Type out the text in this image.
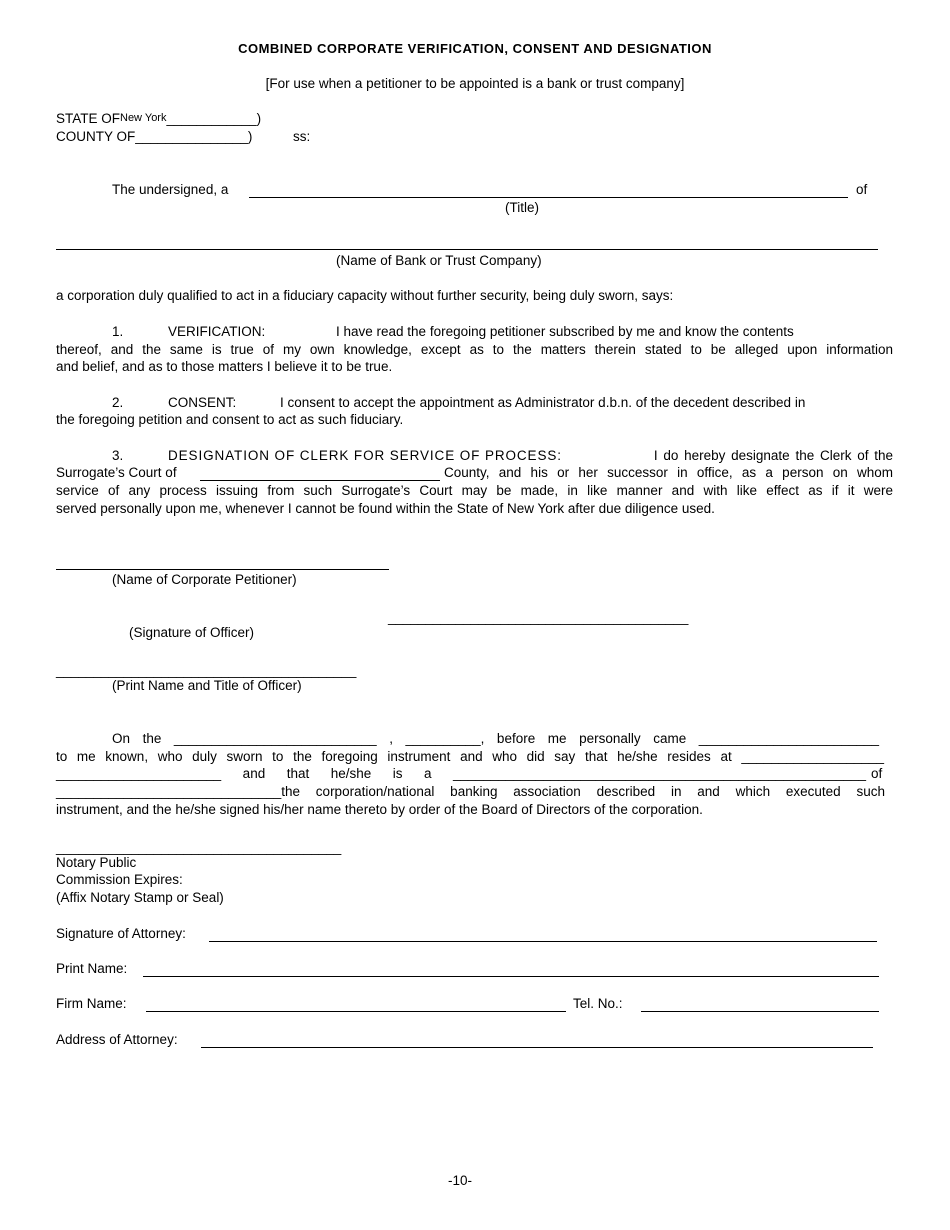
COMBINED CORPORATE VERIFICATION, CONSENT AND DESIGNATION
[For use when a petitioner to be appointed is a bank or trust company]
STATE OFNew York____________)
COUNTY OF_______________)	ss:
The undersigned, a	of
(Title)
(Name of Bank or Trust Company)
a corporation duly qualified to act in a fiduciary capacity without further security, being duly sworn, says:
1.	VERIFICATION:	I have read the foregoing petitioner subscribed by me and know the contents
thereof, and the same is true of my own knowledge, except as to the matters therein stated to be alleged upon information
and belief, and as to those matters I believe it to be true.
2.	CONSENT:	I consent to accept the appointment as Administrator d.b.n. of the decedent described in
the foregoing petition and consent to act as such fiduciary.
3.	DESIGNATION OF CLERK FOR SERVICE OF PROCESS:	I do hereby designate the Clerk of the
Surrogate’s Court of	County, and his or her successor in office, as a person on whom
service of any process issuing from such Surrogate’s Court may be made, in like manner and with like effect as if it were
served personally upon me, whenever I cannot be found within the State of New York after due diligence used.
(Name of Corporate Petitioner)
________________________________________
(Signature of Officer)
________________________________________
(Print Name and Title of Officer)
On the ___________________________ , __________, before me personally came ________________________
to me known, who duly sworn to the foregoing instrument and who did say that he/she resides at ___________________
______________________ and that he/she is a _______________________________________________________ of
______________________________the corporation/national banking association described in and which executed such
instrument, and the he/she signed his/her name thereto by order of the Board of Directors of the corporation.
______________________________________
Notary Public
Commission Expires:
(Affix Notary Stamp or Seal)
Signature of Attorney:
Print Name:
Firm Name:	Tel. No.:
Address of Attorney:
-10-
